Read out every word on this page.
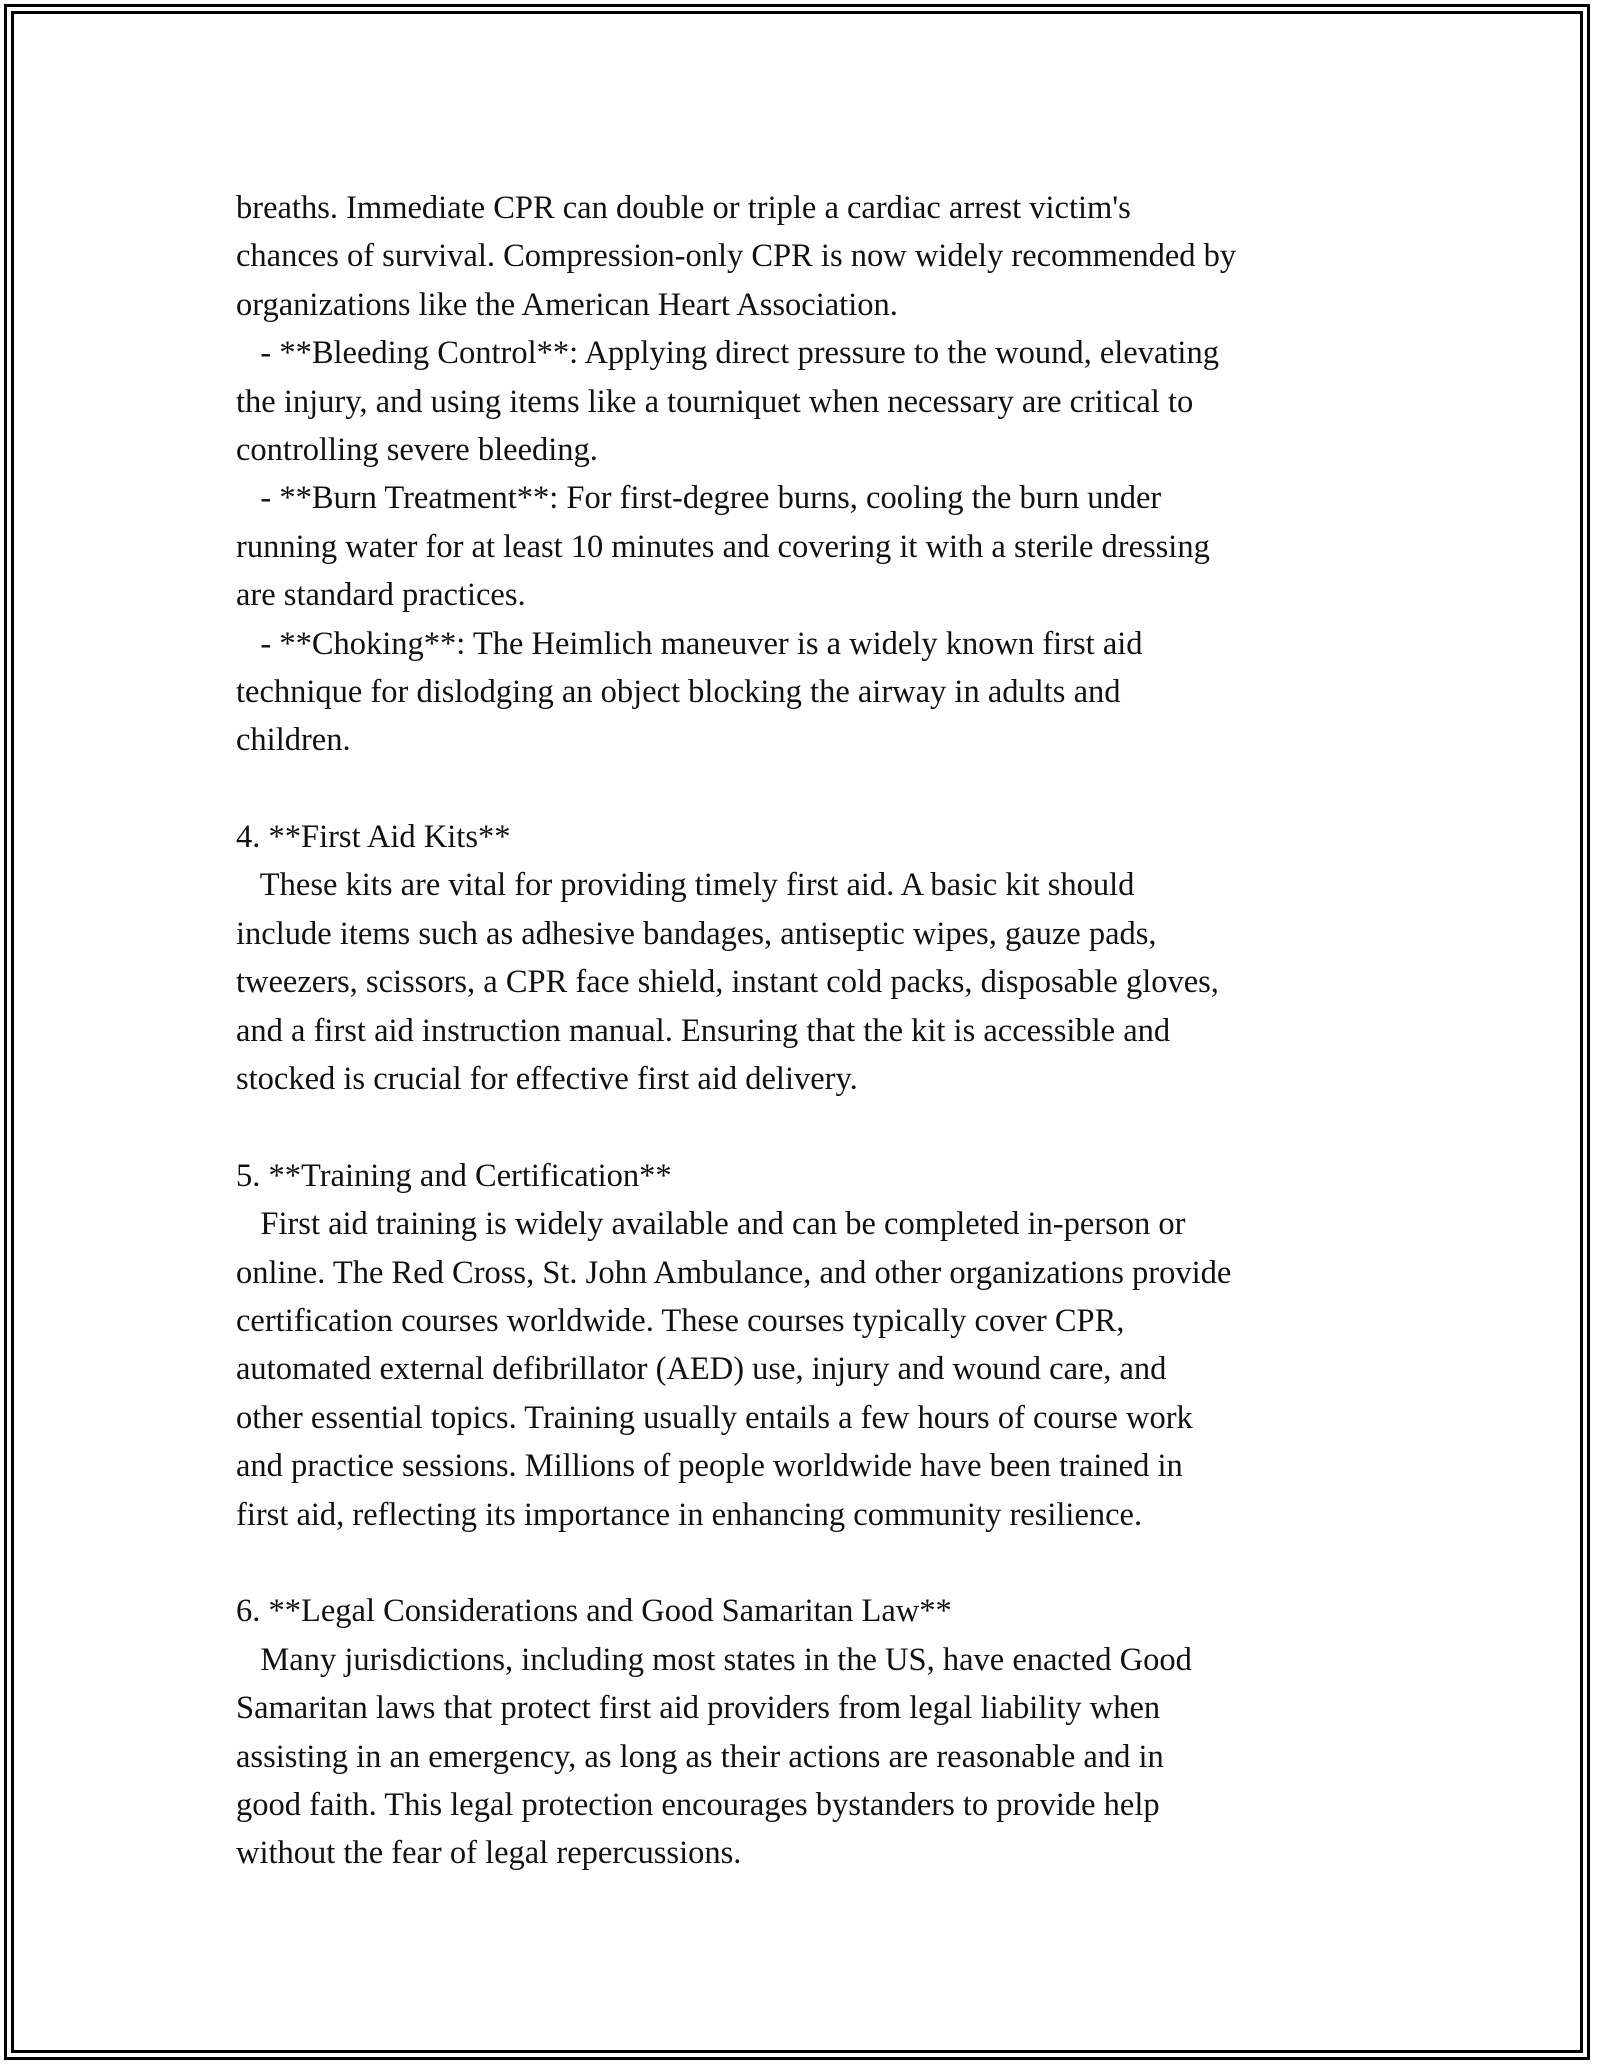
breaths. Immediate CPR can double or triple a cardiac arrest victim's
chances of survival. Compression-only CPR is now widely recommended by
organizations like the American Heart Association.
- **Bleeding Control**: Applying direct pressure to the wound, elevating
the injury, and using items like a tourniquet when necessary are critical to
controlling severe bleeding.
- **Burn Treatment**: For first-degree burns, cooling the burn under
running water for at least 10 minutes and covering it with a sterile dressing
are standard practices.
- **Choking**: The Heimlich maneuver is a widely known first aid
technique for dislodging an object blocking the airway in adults and
children.
4. **First Aid Kits**
These kits are vital for providing timely first aid. A basic kit should
include items such as adhesive bandages, antiseptic wipes, gauze pads,
tweezers, scissors, a CPR face shield, instant cold packs, disposable gloves,
and a first aid instruction manual. Ensuring that the kit is accessible and
stocked is crucial for effective first aid delivery.
5. **Training and Certification**
First aid training is widely available and can be completed in-person or
online. The Red Cross, St. John Ambulance, and other organizations provide
certification courses worldwide. These courses typically cover CPR,
automated external defibrillator (AED) use, injury and wound care, and
other essential topics. Training usually entails a few hours of course work
and practice sessions. Millions of people worldwide have been trained in
first aid, reflecting its importance in enhancing community resilience.
6. **Legal Considerations and Good Samaritan Law**
Many jurisdictions, including most states in the US, have enacted Good
Samaritan laws that protect first aid providers from legal liability when
assisting in an emergency, as long as their actions are reasonable and in
good faith. This legal protection encourages bystanders to provide help
without the fear of legal repercussions.
